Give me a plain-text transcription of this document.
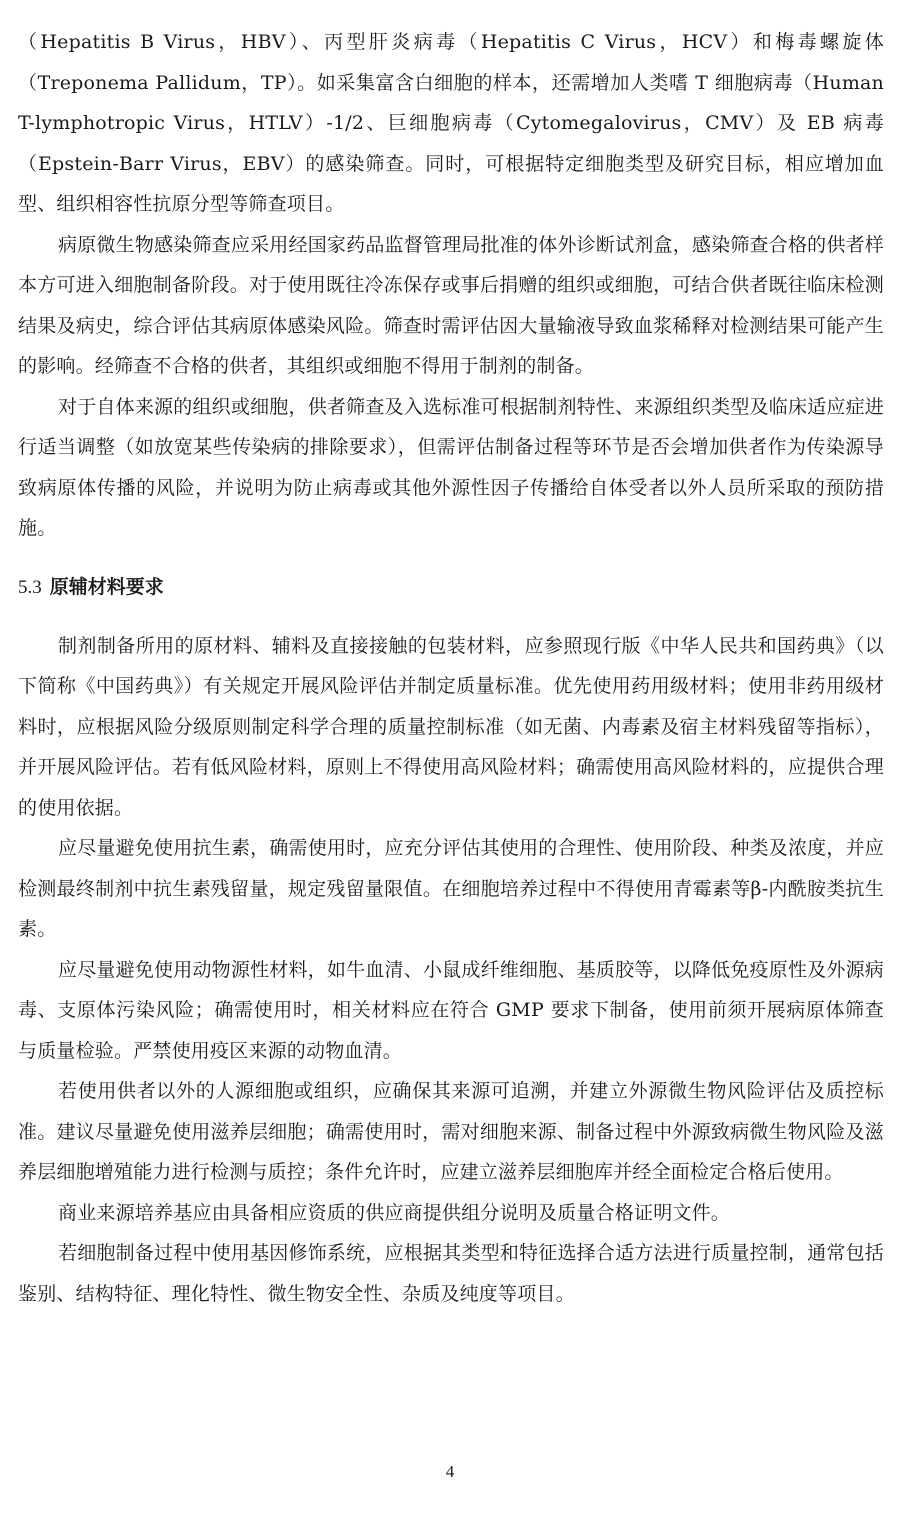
（Hepatitis B Virus，HBV）、丙型肝炎病毒（Hepatitis C Virus，HCV）和梅毒螺旋体（Treponema Pallidum，TP）。如采集富含白细胞的样本，还需增加人类嗜 T 细胞病毒（Human T-lymphotropic Virus，HTLV）-1/2、巨细胞病毒（Cytomegalovirus，CMV）及 EB 病毒（Epstein-Barr Virus，EBV）的感染筛查。同时，可根据特定细胞类型及研究目标，相应增加血型、组织相容性抗原分型等筛查项目。

病原微生物感染筛查应采用经国家药品监督管理局批准的体外诊断试剂盒，感染筛查合格的供者样本方可进入细胞制备阶段。对于使用既往冷冻保存或事后捐赠的组织或细胞，可结合供者既往临床检测结果及病史，综合评估其病原体感染风险。筛查时需评估因大量输液导致血浆稀释对检测结果可能产生的影响。经筛查不合格的供者，其组织或细胞不得用于制剂的制备。

对于自体来源的组织或细胞，供者筛查及入选标准可根据制剂特性、来源组织类型及临床适应症进行适当调整（如放宽某些传染病的排除要求），但需评估制备过程等环节是否会增加供者作为传染源导致病原体传播的风险，并说明为防止病毒或其他外源性因子传播给自体受者以外人员所采取的预防措施。

5.3 原辅材料要求

制剂制备所用的原材料、辅料及直接接触的包装材料，应参照现行版《中华人民共和国药典》（以下简称《中国药典》）有关规定开展风险评估并制定质量标准。优先使用药用级材料；使用非药用级材料时，应根据风险分级原则制定科学合理的质量控制标准（如无菌、内毒素及宿主材料残留等指标），并开展风险评估。若有低风险材料，原则上不得使用高风险材料；确需使用高风险材料的，应提供合理的使用依据。

应尽量避免使用抗生素，确需使用时，应充分评估其使用的合理性、使用阶段、种类及浓度，并应检测最终制剂中抗生素残留量，规定残留量限值。在细胞培养过程中不得使用青霉素等β-内酰胺类抗生素。

应尽量避免使用动物源性材料，如牛血清、小鼠成纤维细胞、基质胶等，以降低免疫原性及外源病毒、支原体污染风险；确需使用时，相关材料应在符合 GMP 要求下制备，使用前须开展病原体筛查与质量检验。严禁使用疫区来源的动物血清。

若使用供者以外的人源细胞或组织，应确保其来源可追溯，并建立外源微生物风险评估及质控标准。建议尽量避免使用滋养层细胞；确需使用时，需对细胞来源、制备过程中外源致病微生物风险及滋养层细胞增殖能力进行检测与质控；条件允许时，应建立滋养层细胞库并经全面检定合格后使用。

商业来源培养基应由具备相应资质的供应商提供组分说明及质量合格证明文件。

若细胞制备过程中使用基因修饰系统，应根据其类型和特征选择合适方法进行质量控制，通常包括鉴别、结构特征、理化特性、微生物安全性、杂质及纯度等项目。

4
